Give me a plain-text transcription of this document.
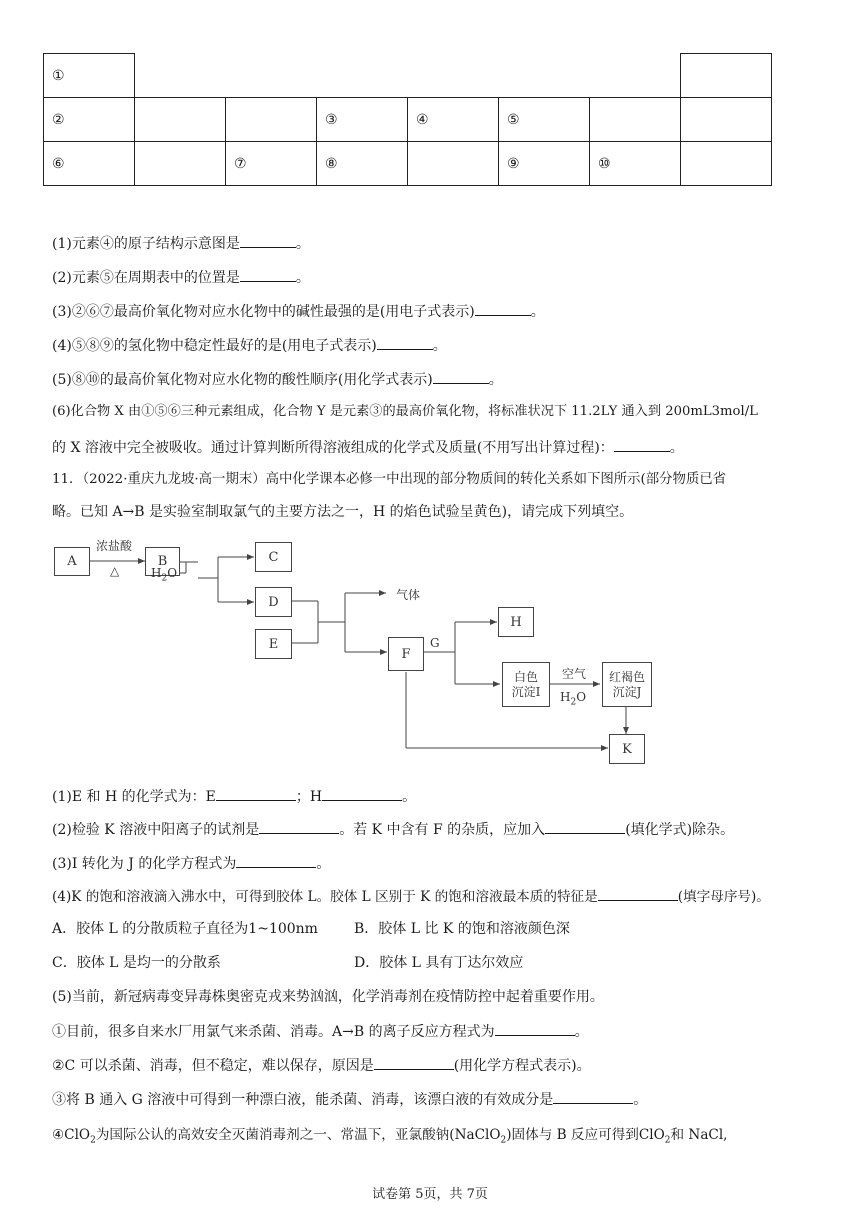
①							
②			③	④	⑤		
⑥		⑦	⑧		⑨	⑩	
(1)元素④的原子结构示意图是	。
(2)元素⑤在周期表中的位置是	。
(3)②⑥⑦最高价氧化物对应水化物中的碱性最强的是(用电子式表示)	。
(4)⑤⑧⑨的氢化物中稳定性最好的是(用电子式表示)	。
(5)⑧⑩的最高价氧化物对应水化物的酸性顺序(用化学式表示)	。
(6)化合物 X 由①⑤⑥三种元素组成，化合物 Y 是元素③的最高价氧化物，将标准状况下 11.2LY 通入到 200mL3mol/L
的 X 溶液中完全被吸收。通过计算判断所得溶液组成的化学式及质量(不用写出计算过程)：	。
11．（2022·重庆九龙坡·高一期末）高中化学课本必修一中出现的部分物质间的转化关系如下图所示(部分物质已省
略。已知 A→B 是实验室制取氯气的主要方法之一，H 的焰色试验呈黄色)，请完成下列填空。
A
浓盐酸
△
B
$H_2O$
C
D
E
气体
F
G
H
白色
沉淀I
空气
$H_2O$
红褐色
沉淀J
K
(1)E 和 H 的化学式为：E	；H	。
(2)检验 K 溶液中阳离子的试剂是	。若 K 中含有 F 的杂质，应加入	(填化学式)除杂。
(3)I 转化为 J 的化学方程式为	。
(4)K 的饱和溶液滴入沸水中，可得到胶体 L。胶体 L 区别于 K 的饱和溶液最本质的特征是	(填字母序号)。
A．胶体 L 的分散质粒子直径为1~100nm	B．胶体 L 比 K 的饱和溶液颜色深
C．胶体 L 是均一的分散系	D．胶体 L 具有丁达尔效应
(5)当前，新冠病毒变异毒株奥密克戎来势汹汹，化学消毒剂在疫情防控中起着重要作用。
①目前，很多自来水厂用氯气来杀菌、消毒。A→B 的离子反应方程式为	。
②C 可以杀菌、消毒，但不稳定，难以保存，原因是	(用化学方程式表示)。
③将 B 通入 G 溶液中可得到一种漂白液，能杀菌、消毒，该漂白液的有效成分是	。
④ClO$_2$为国际公认的高效安全灭菌消毒剂之一、常温下，亚氯酸钠(NaClO$_2$)固体与 B 反应可得到ClO$_2$和 NaCl,
试卷第 5页，共 7页
